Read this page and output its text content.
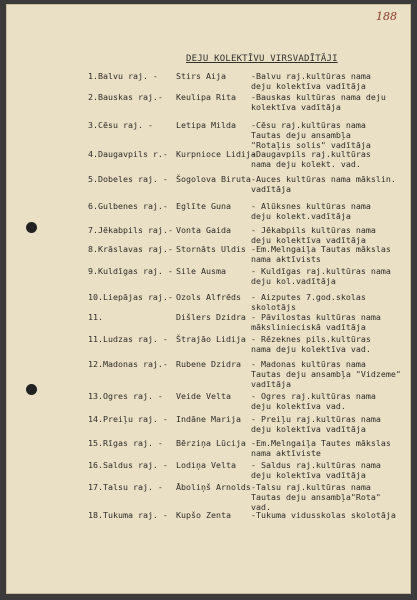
188
DEJU KOLEKTĪVU VIRSVADĪTĀJI
1.Balvu raj. - Stirs Aija	-Balvu raj.kultūras nama
deju kolektīva vadītāja
2.Bauskas raj.- Keulipa Rita -Bauskas kultūras nama deju
kolektīva vadītāja
3.Cēsu raj. -	Letipa Milda -Cēsu raj.kultūras nama
Tautas deju ansambļa
"Rotaļis solis" vadītāja
4.Daugavpils r.- Kurpnioce Lidija
-Daugavpils raj.kultūras
nama deju kolekt. vad.
5.Dobeles raj. - Šogolova Biruta -Auces kultūras nama mākslin.
vadītāja
6.Gulbenes raj.- Eglīte Guna - Alūksnes kultūras nama
deju kolekt.vadītāja
7.Jēkabpils raj.- Vonta Gaida - Jēkabpils kultūras nama
deju kolektīva vadītāja
8.Krāslavas raj.- Stornāts Uldis -Em.Melngaiļa Tautas mākslas
nama aktīvists
9.Kuldīgas raj. - Sile Ausma	- Kuldīgas raj.kultūras nama
deju kol.vadītāja
10.Liepājas raj.- Ozols Alfrēds - Aizputes 7.god.skolas
skolotājs
11.	Dišlers Dzidra - Pāvilostas kultūras nama
mākslinieciskā vadītāja
11.Ludzas raj. - Štrajāo Lidija - Rēzeknes pils.kultūras
nama deju kolektīva vad.
12.Madonas raj.- Rubene Dzidra - Madonas kultūras nama
Tautas deju ansambļa "Vidzeme"
vadītāja
13.Ogres raj. - Veide Velta - Ogres raj.kultūras nama
deju kolektīva vad.
14.Preiļu raj. - Indāne Marija - Preiļu raj.kultūras nama
deju kolektīva vadītāja
15.Rīgas raj. - Bērziņa Lūcija -Em.Melngaiļa Tautes mākslas
nama aktīviste
16.Saldus raj. - Lodiņa Velta - Saldus raj.kultūras nama
deju kolektīva vadītāja
17.Talsu raj. - Āboliņš Arnolds -Talsu raj.kultūras nama
Tautas deju ansambļa"Rota"
vad.
18.Tukuma raj. - Kupšo Zenta -Tukuma vidusskolas skolotāja
